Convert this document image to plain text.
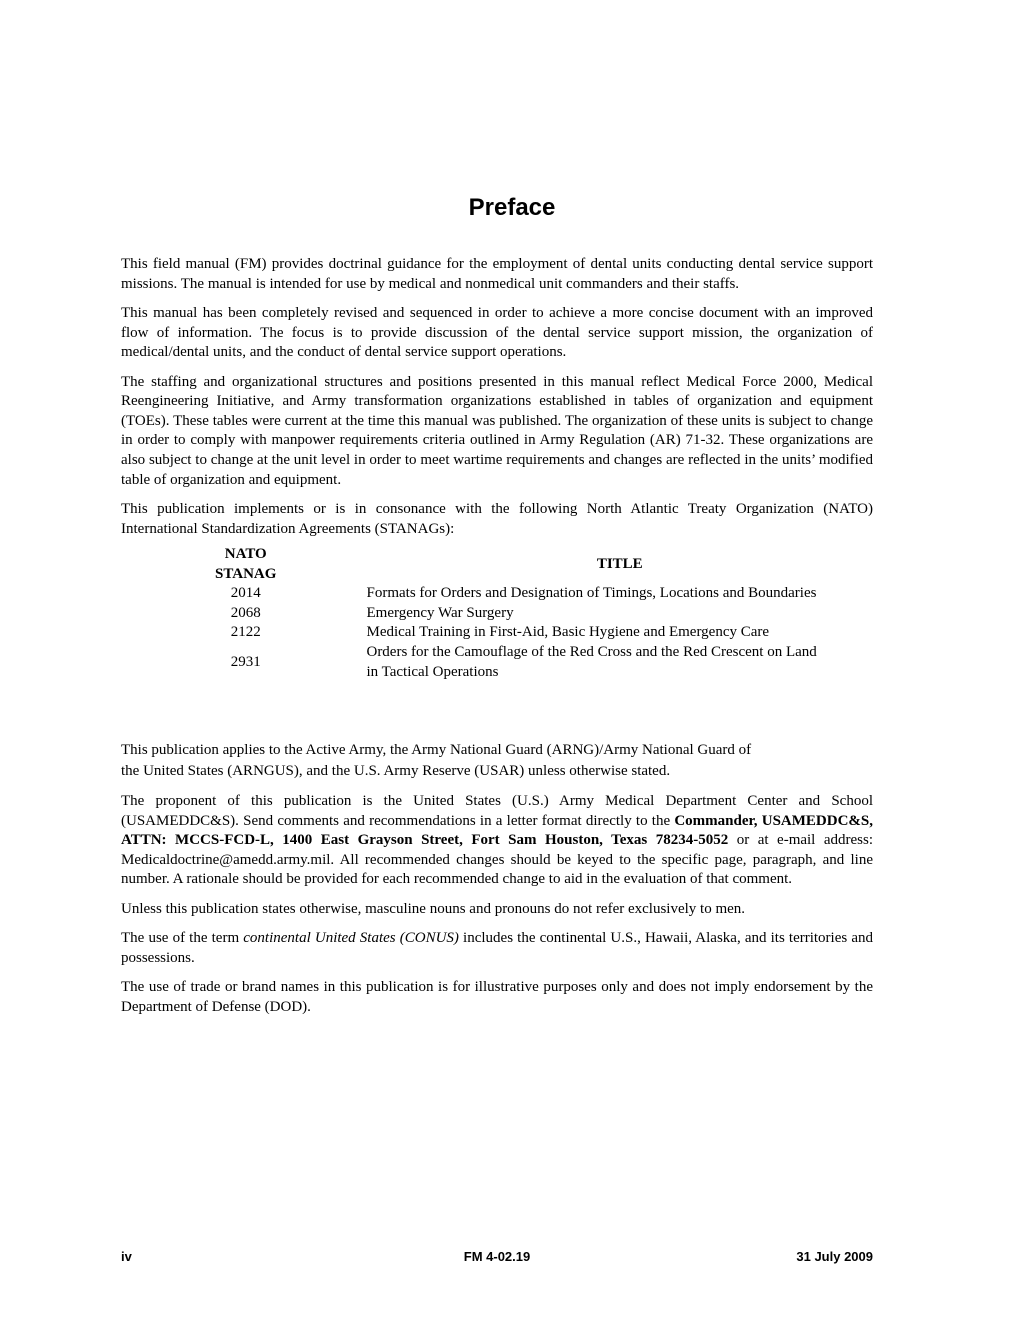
Preface

This field manual (FM) provides doctrinal guidance for the employment of dental units conducting dental service support missions. The manual is intended for use by medical and nonmedical unit commanders and their staffs.

This manual has been completely revised and sequenced in order to achieve a more concise document with an improved flow of information. The focus is to provide discussion of the dental service support mission, the organization of medical/dental units, and the conduct of dental service support operations.

The staffing and organizational structures and positions presented in this manual reflect Medical Force 2000, Medical Reengineering Initiative, and Army transformation organizations established in tables of organization and equipment (TOEs). These tables were current at the time this manual was published. The organization of these units is subject to change in order to comply with manpower requirements criteria outlined in Army Regulation (AR) 71-32. These organizations are also subject to change at the unit level in order to meet wartime requirements and changes are reflected in the units’ modified table of organization and equipment.

This publication implements or is in consonance with the following North Atlantic Treaty Organization (NATO) International Standardization Agreements (STANAGs):

NATO
STANAG	TITLE
2014	Formats for Orders and Designation of Timings, Locations and Boundaries
2068	Emergency War Surgery
2122	Medical Training in First-Aid, Basic Hygiene and Emergency Care
2931	Orders for the Camouflage of the Red Cross and the Red Crescent on Land
in Tactical Operations

This publication applies to the Active Army, the Army National Guard (ARNG)/Army National Guard of
the United States (ARNGUS), and the U.S. Army Reserve (USAR) unless otherwise stated.

The proponent of this publication is the United States (U.S.) Army Medical Department Center and School (USAMEDDC&S). Send comments and recommendations in a letter format directly to the Commander, USAMEDDC&S, ATTN: MCCS-FCD-L, 1400 East Grayson Street, Fort Sam Houston, Texas 78234-5052 or at e-mail address: Medicaldoctrine@amedd.army.mil. All recommended changes should be keyed to the specific page, paragraph, and line number. A rationale should be provided for each recommended change to aid in the evaluation of that comment.

Unless this publication states otherwise, masculine nouns and pronouns do not refer exclusively to men.

The use of the term continental United States (CONUS) includes the continental U.S., Hawaii, Alaska, and its territories and possessions.

The use of trade or brand names in this publication is for illustrative purposes only and does not imply endorsement by the Department of Defense (DOD).

iv	FM 4-02.19	31 July 2009
